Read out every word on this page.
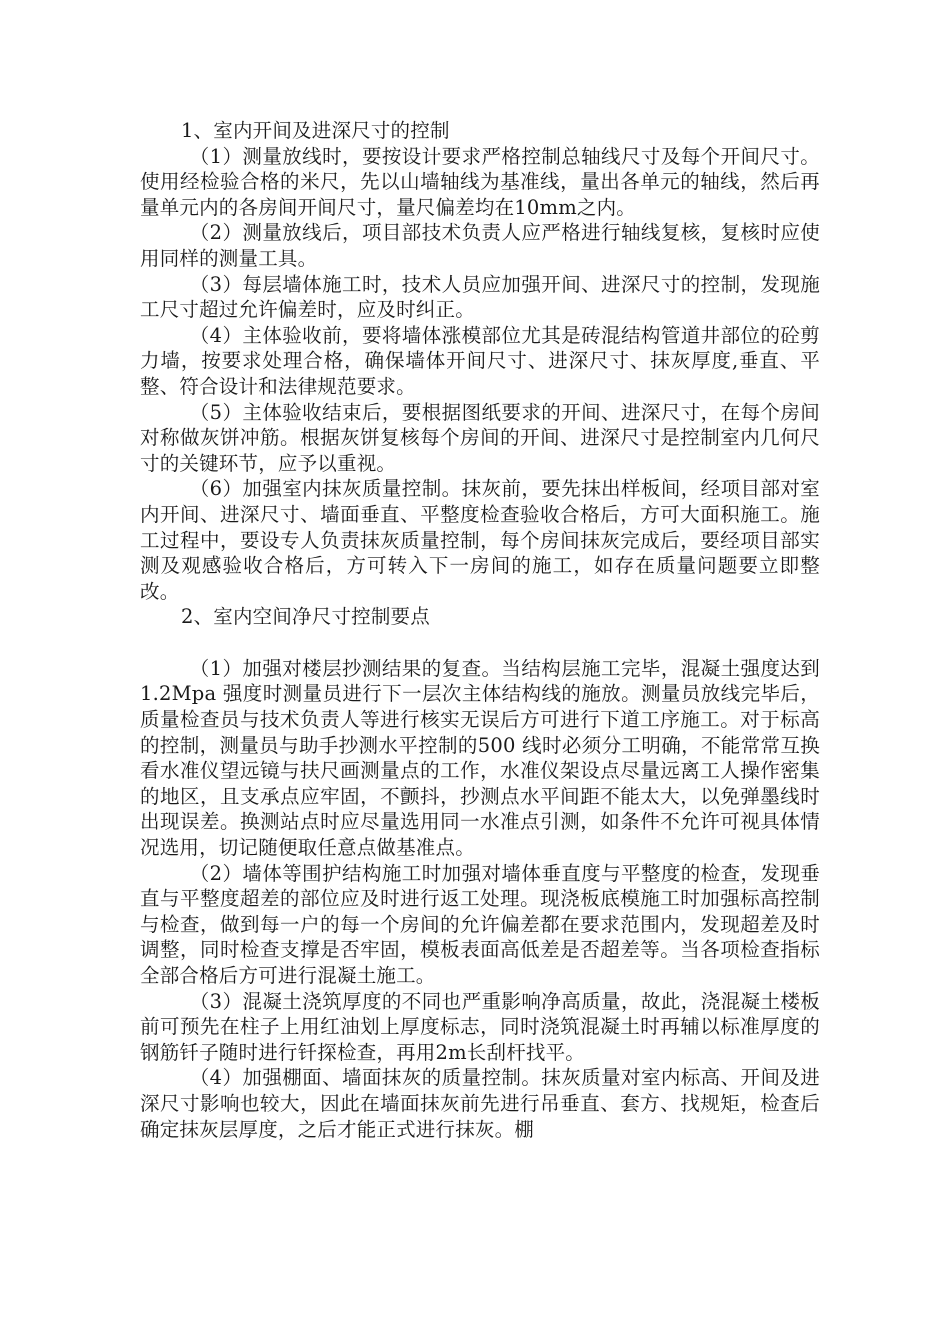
1、室内开间及进深尺寸的控制

（1）测量放线时，要按设计要求严格控制总轴线尺寸及每个开间尺寸。使用经检验合格的米尺，先以山墙轴线为基准线，量出各单元的轴线，然后再量单元内的各房间开间尺寸，量尺偏差均在10mm之内。

（2）测量放线后，项目部技术负责人应严格进行轴线复核，复核时应使用同样的测量工具。

（3）每层墙体施工时，技术人员应加强开间、进深尺寸的控制，发现施工尺寸超过允许偏差时，应及时纠正。

（4）主体验收前，要将墙体涨模部位尤其是砖混结构管道井部位的砼剪力墙，按要求处理合格，确保墙体开间尺寸、进深尺寸、抹灰厚度,垂直、平整、符合设计和法律规范要求。

（5）主体验收结束后，要根据图纸要求的开间、进深尺寸，在每个房间对称做灰饼冲筋。根据灰饼复核每个房间的开间、进深尺寸是控制室内几何尺寸的关键环节，应予以重视。

（6）加强室内抹灰质量控制。抹灰前，要先抹出样板间，经项目部对室内开间、进深尺寸、墙面垂直、平整度检查验收合格后，方可大面积施工。施工过程中，要设专人负责抹灰质量控制，每个房间抹灰完成后，要经项目部实测及观感验收合格后，方可转入下一房间的施工，如存在质量问题要立即整改。

2、室内空间净尺寸控制要点

（1）加强对楼层抄测结果的复查。当结构层施工完毕，混凝土强度达到1.2Mpa 强度时测量员进行下一层次主体结构线的施放。测量员放线完毕后，质量检查员与技术负责人等进行核实无误后方可进行下道工序施工。对于标高的控制，测量员与助手抄测水平控制的500 线时必须分工明确，不能常常互换看水准仪望远镜与扶尺画测量点的工作，水准仪架设点尽量远离工人操作密集的地区，且支承点应牢固，不颤抖，抄测点水平间距不能太大，以免弹墨线时出现误差。换测站点时应尽量选用同一水准点引测，如条件不允许可视具体情况选用，切记随便取任意点做基准点。

（2）墙体等围护结构施工时加强对墙体垂直度与平整度的检查，发现垂直与平整度超差的部位应及时进行返工处理。现浇板底模施工时加强标高控制与检查，做到每一户的每一个房间的允许偏差都在要求范围内，发现超差及时调整，同时检查支撑是否牢固，模板表面高低差是否超差等。当各项检查指标全部合格后方可进行混凝土施工。

（3）混凝土浇筑厚度的不同也严重影响净高质量，故此，浇混凝土楼板前可预先在柱子上用红油划上厚度标志，同时浇筑混凝土时再辅以标准厚度的钢筋钎子随时进行钎探检查，再用2m长刮杆找平。

（4）加强棚面、墙面抹灰的质量控制。抹灰质量对室内标高、开间及进深尺寸影响也较大，因此在墙面抹灰前先进行吊垂直、套方、找规矩，检查后确定抹灰层厚度，之后才能正式进行抹灰。棚
